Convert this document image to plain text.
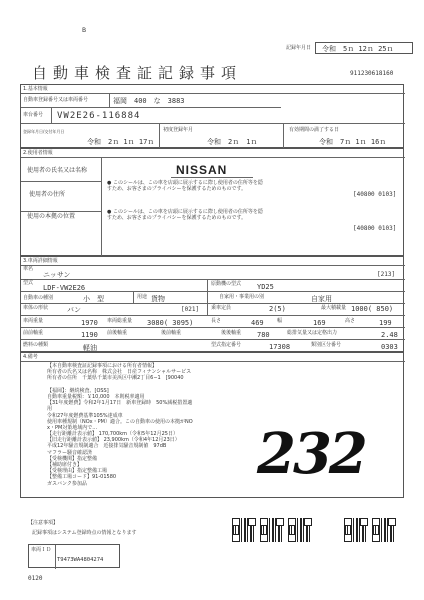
記録年月日 令和　5ｎ 12ｎ 25ｎ
B
自動車検査証記録事項	911230618160
1.基本情報
自動車登録番号又は車両番号	福岡　400　な　3883
車台番号 VW2E26-116884
登録年月日/交付年月日
令和　2ｎ 1ｎ 17ｎ
初度登録年月
令和　2ｎ　1ｎ
有効期間の満了する日
令和　7ｎ 1ｎ 16ｎ
2.使用者情報
使用者の氏名又は名称
使用者の住所
使用の本拠の位置
NISSAN
● このシールは、この車を店頭に展示するに際し使用者の住所等を隠すため、お客さまのプライバシーを保護するためのものです。
[40800 0103]
● このシールは、この車を店頭に展示するに際し使用者の住所等を隠すため、お客さまのプライバシーを保護するためのものです。
[40800 0103]
3.車両詳細情報
車名
ニッサン	[213]
型式
LDF-VW2E26	原動機の型式 YD25
自動車の種別	小　型	用途 貨物	自家用・事業用の別	自家用
車体の形状	バン	[021] 乗車定員	2(5)	最大積載量 1000( 850)
車両重量	1970 車両総重量 3080( 3095)	長さ	469	幅	169	高さ	199
前前軸重	1190 前後軸重	後前軸重	後後軸重 780	総排気量又は定格出力	2.48
燃料の種類	軽油	型式指定番号	17308	類別区分番号	0303
4.備考
【本自動車検査証記録事項における所有者情報】
所有者の氏名又は名称　株式会社　日産フィナンシャルサービス
所有者の住所　千葉県千葉市美浜区中瀬2丁目6−1　[90040
【福岡】：継続検査、[OSS]
自動車重量税額：￥10,000　本則税率適用
【31年度燃費】令和2年1月17日　新車登録時　50%減税措置適
用
令和27年度燃費基準105%達成車
使用車種規制（NOx・PM）適合。この自動車の使用の本拠がNO
x・PM対策地域内で…
【走行距離計表示値】 170,700km（令和5年12月25日）
【旧走行距離計表示値】 23,900km（令和4年12月23日）
平成12年騒音規制適合　近接排気騒音規制値　97dB
マフラー騒音確認済
【受検機関】指定整備
【補助席付き】
【受検理由】指定整備工場
【整備工場コード】91-01580
ガスバンク参加品	232
【注意事項】
記録事項はシステム登録時点の情報となります
車両ＩＤ
T9473WA4804274
0120
